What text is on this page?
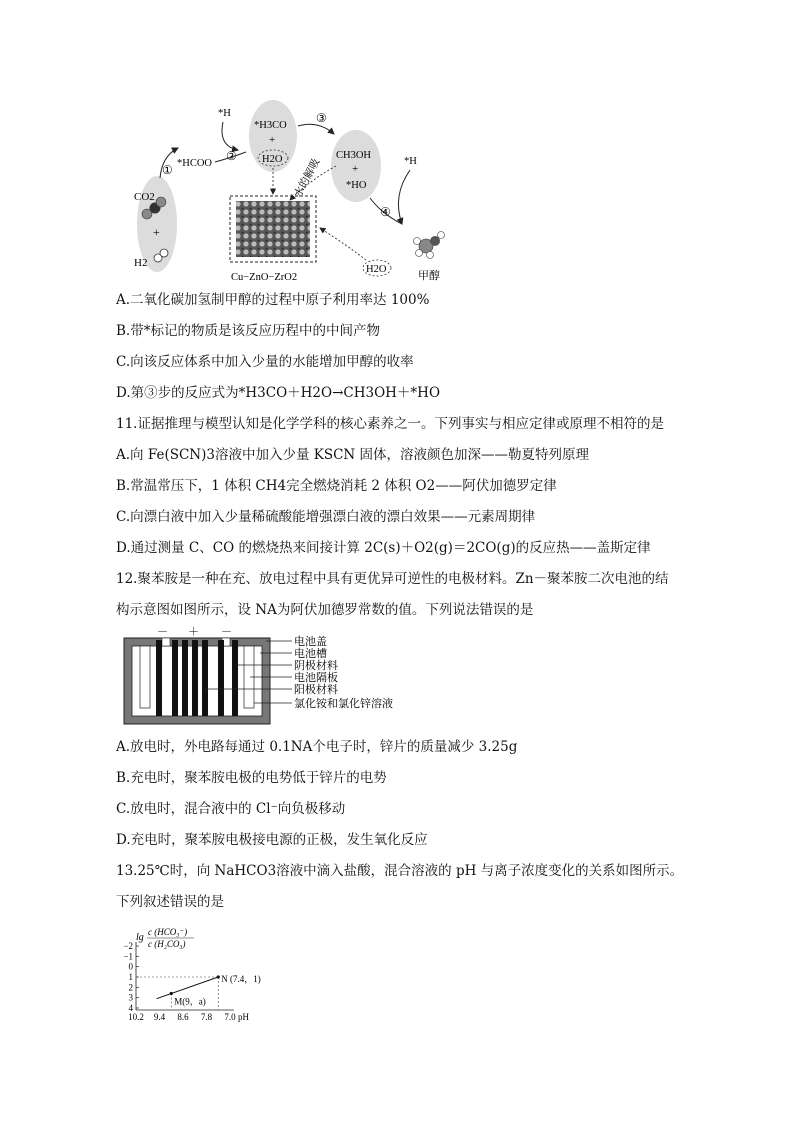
CO2
+
H2
① *HCOO
*H
②
*H3CO
+
H2O
③
水的解吸
CH3OH
+
*HO
*H
④
Cu−ZnO−ZrO2
H2O
甲醇
A.二氧化碳加氢制甲醇的过程中原子利用率达 100%
B.带*标记的物质是该反应历程中的中间产物
C.向该反应体系中加入少量的水能增加甲醇的收率
D.第③步的反应式为*H3CO＋H2O→CH3OH＋*HO
11.证据推理与模型认知是化学学科的核心素养之一。下列事实与相应定律或原理不相符的是
A.向 Fe(SCN)3溶液中加入少量 KSCN 固体，溶液颜色加深——勒夏特列原理
B.常温常压下，1 体积 CH4完全燃烧消耗 2 体积 O2——阿伏加德罗定律
C.向漂白液中加入少量稀硫酸能增强漂白液的漂白效果——元素周期律
D.通过测量 C、CO 的燃烧热来间接计算 2C(s)＋O2(g)＝2CO(g)的反应热——盖斯定律
12.聚苯胺是一种在充、放电过程中具有更优异可逆性的电极材料。Zn－聚苯胺二次电池的结
构示意图如图所示，设 NA为阿伏加德罗常数的值。下列说法错误的是
－ ＋ －
电池盖
电池槽
阴极材料
电池隔板
阳极材料
氯化铵和氯化锌溶液
A.放电时，外电路每通过 0.1NA个电子时，锌片的质量减少 3.25g
B.充电时，聚苯胺电极的电势低于锌片的电势
C.放电时，混合液中的 Cl⁻向负极移动
D.充电时，聚苯胺电极接电源的正极，发生氧化反应
13.25℃时，向 NaHCO3溶液中滴入盐酸，混合溶液的 pH 与离子浓度变化的关系如图所示。
下列叙述错误的是
lg c (HCO₃⁻)
c (H₂CO₃)
−2
−1
0
1
2
3
4
10.2 9.4 8.6 7.8 7.0 pH
M(9，a)
N (7.4，1)
